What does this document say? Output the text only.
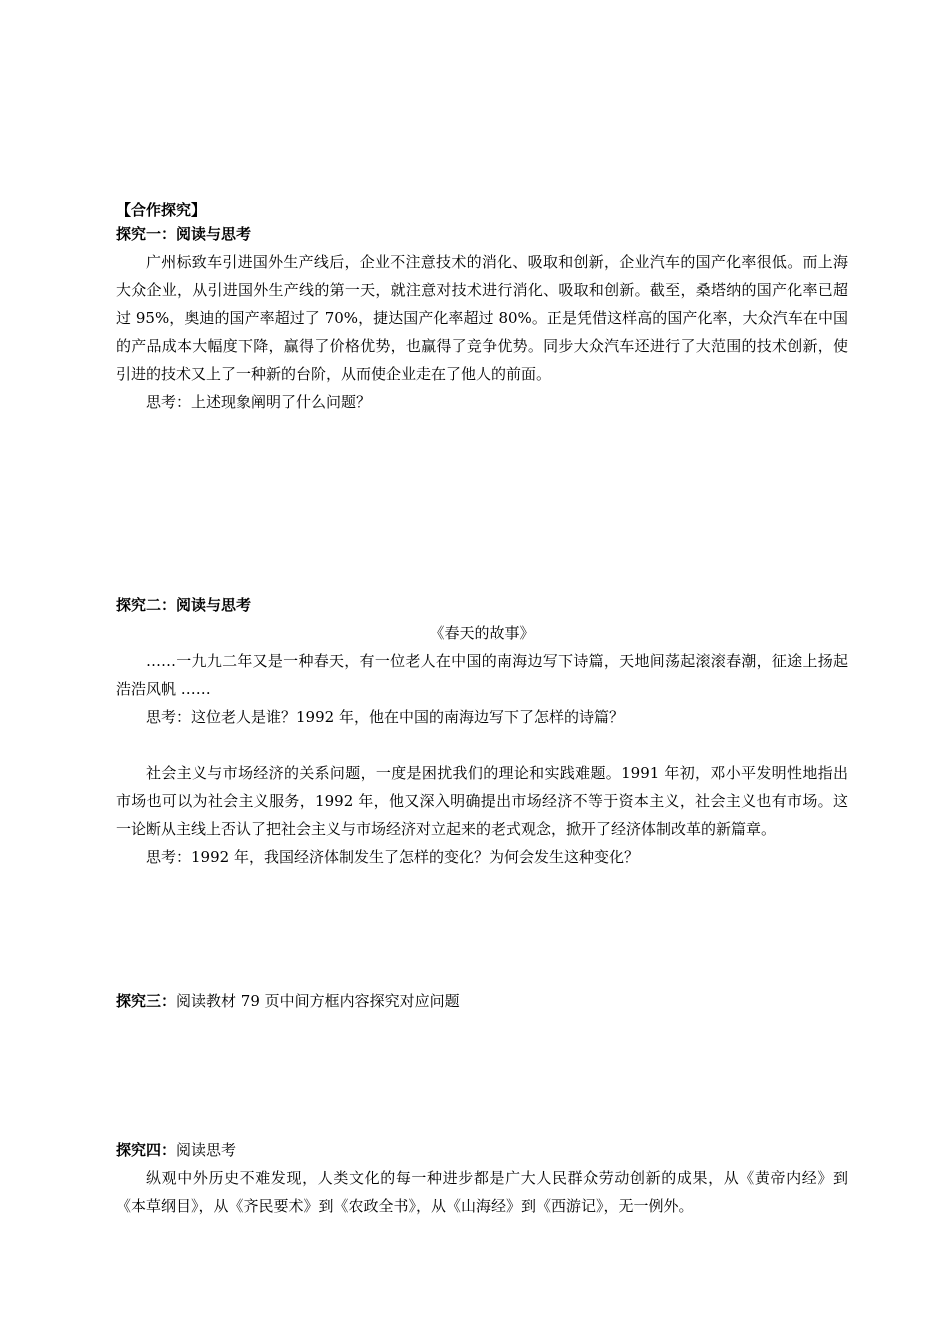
【合作探究】
探究一：阅读与思考

广州标致车引进国外生产线后，企业不注意技术的消化、吸取和创新，企业汽车的国产化率很低。而上海大众企业，从引进国外生产线的第一天，就注意对技术进行消化、吸取和创新。截至，桑塔纳的国产化率已超过 95%，奥迪的国产率超过了 70%，捷达国产化率超过 80%。正是凭借这样高的国产化率，大众汽车在中国的产品成本大幅度下降，赢得了价格优势，也赢得了竞争优势。同步大众汽车还进行了大范围的技术创新，使引进的技术又上了一种新的台阶，从而使企业走在了他人的前面。

思考：上述现象阐明了什么问题？

探究二：阅读与思考

《春天的故事》

……一九九二年又是一种春天，有一位老人在中国的南海边写下诗篇，天地间荡起滚滚春潮，征途上扬起浩浩风帆 ……

思考：这位老人是谁？1992 年，他在中国的南海边写下了怎样的诗篇？

社会主义与市场经济的关系问题，一度是困扰我们的理论和实践难题。1991 年初，邓小平发明性地指出市场也可以为社会主义服务，1992 年，他又深入明确提出市场经济不等于资本主义，社会主义也有市场。这一论断从主线上否认了把社会主义与市场经济对立起来的老式观念，掀开了经济体制改革的新篇章。

思考：1992 年，我国经济体制发生了怎样的变化？为何会发生这种变化？

探究三：阅读教材 79 页中间方框内容探究对应问题
探究四：阅读思考

纵观中外历史不难发现，人类文化的每一种进步都是广大人民群众劳动创新的成果，从《黄帝内经》到《本草纲目》，从《齐民要术》到《农政全书》，从《山海经》到《西游记》，无一例外。
